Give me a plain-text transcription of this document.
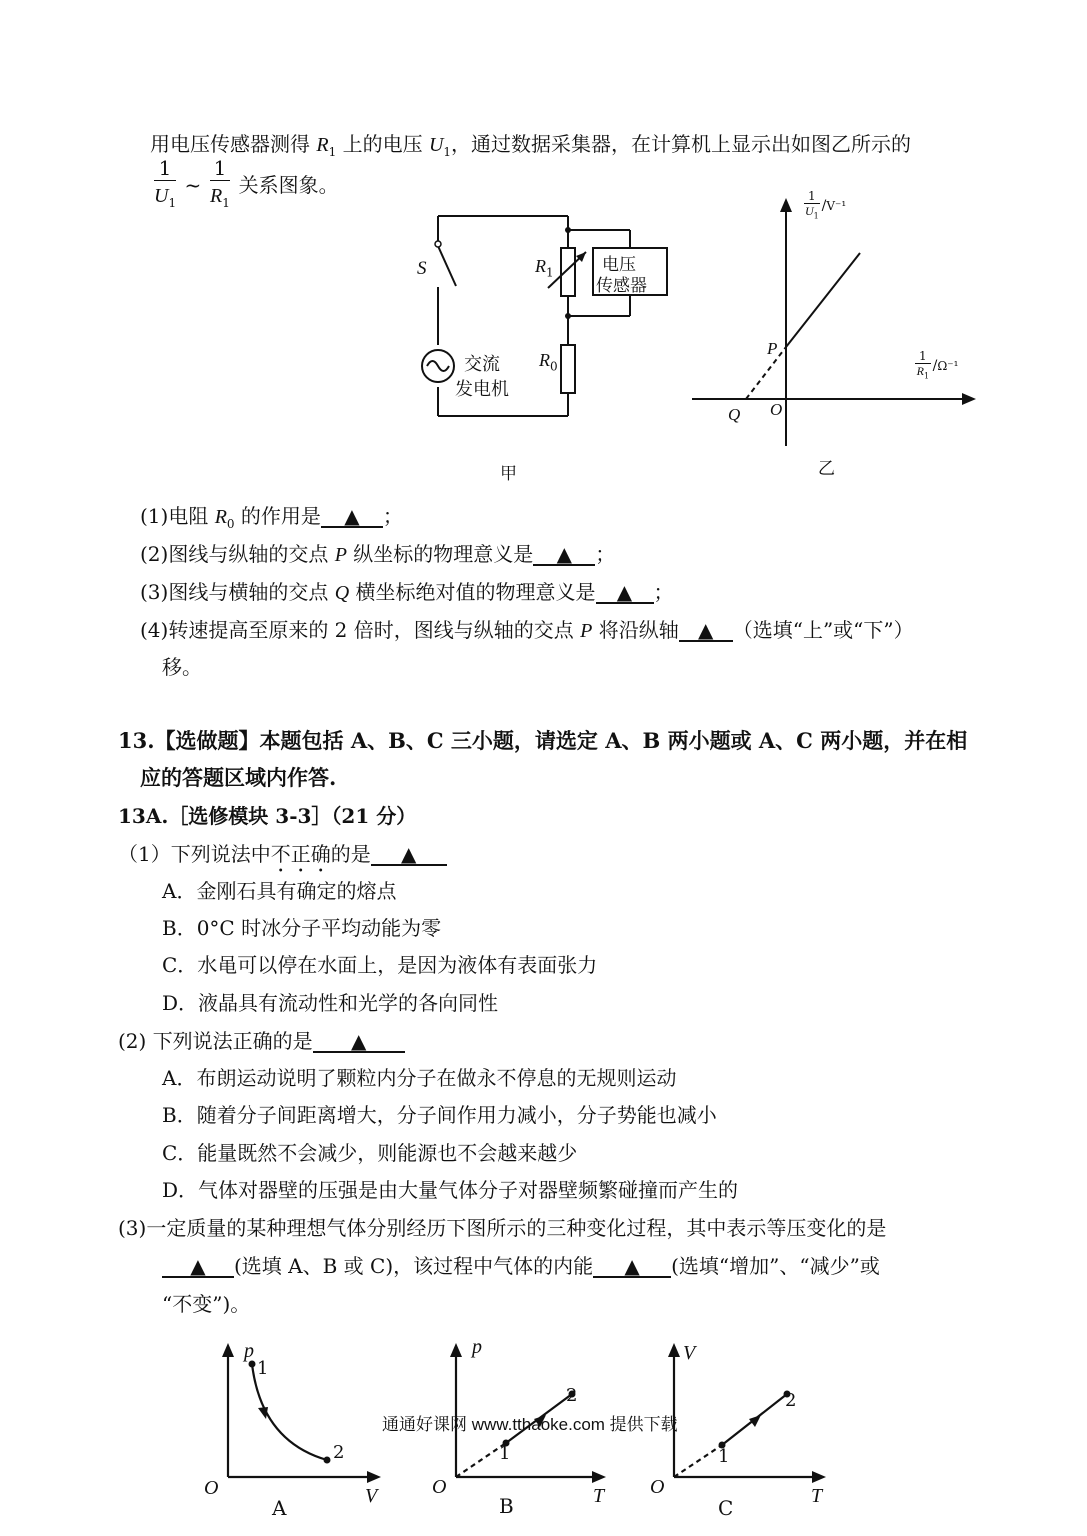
用电压传感器测得 $R_1$ 上的电压 $U_1$，通过数据采集器，在计算机上显示出如图乙所示的
$\frac{1}{U_1}$ ~ $\frac{1}{R_1}$ 关系图象。
S	$R_1$
$R_0$
电压
传感器
交流
发电机
甲
$\frac{1}{U_1} /V^{-1}$
$\frac{1}{R_1} /\Omega^{-1}$
P
Q O
乙
(1)电阻 $R_0$ 的作用是 ▲ ；
(2)图线与纵轴的交点 P 纵坐标的物理意义是 ▲ ；
(3)图线与横轴的交点 Q 横坐标绝对值的物理意义是 ▲ ；
(4)转速提高至原来的 2 倍时，图线与纵轴的交点 P 将沿纵轴 ▲ （选填“上”或“下”）
移。
13.【选做题】本题包括 A、B、C 三小题，请选定 A、B 两小题或 A、C 两小题，并在相
应的答题区域内作答.
13A.［选修模块 3-3］（21 分）
（1）下列说法中不正确的是 ▲
A．金刚石具有确定的熔点
B．0°C 时冰分子平均动能为零
C．水黾可以停在水面上，是因为液体有表面张力
D．液晶具有流动性和光学的各向同性
(2) 下列说法正确的是 ▲
A．布朗运动说明了颗粒内分子在做永不停息的无规则运动
B．随着分子间距离增大，分子间作用力减小，分子势能也减小
C．能量既然不会减少，则能源也不会越来越少
D．气体对器壁的压强是由大量气体分子对器壁频繁碰撞而产生的
(3)一定质量的某种理想气体分别经历下图所示的三种变化过程，其中表示等压变化的是
▲ (选填 A、B 或 C)，该过程中气体的内能 ▲ (选填“增加”、“减少”或
“不变”)。
p
1
2
O	V
A
p
1
2
O	T
B
V
1
2
O	T
C
通通好课网 www.tthaoke.com 提供下载
